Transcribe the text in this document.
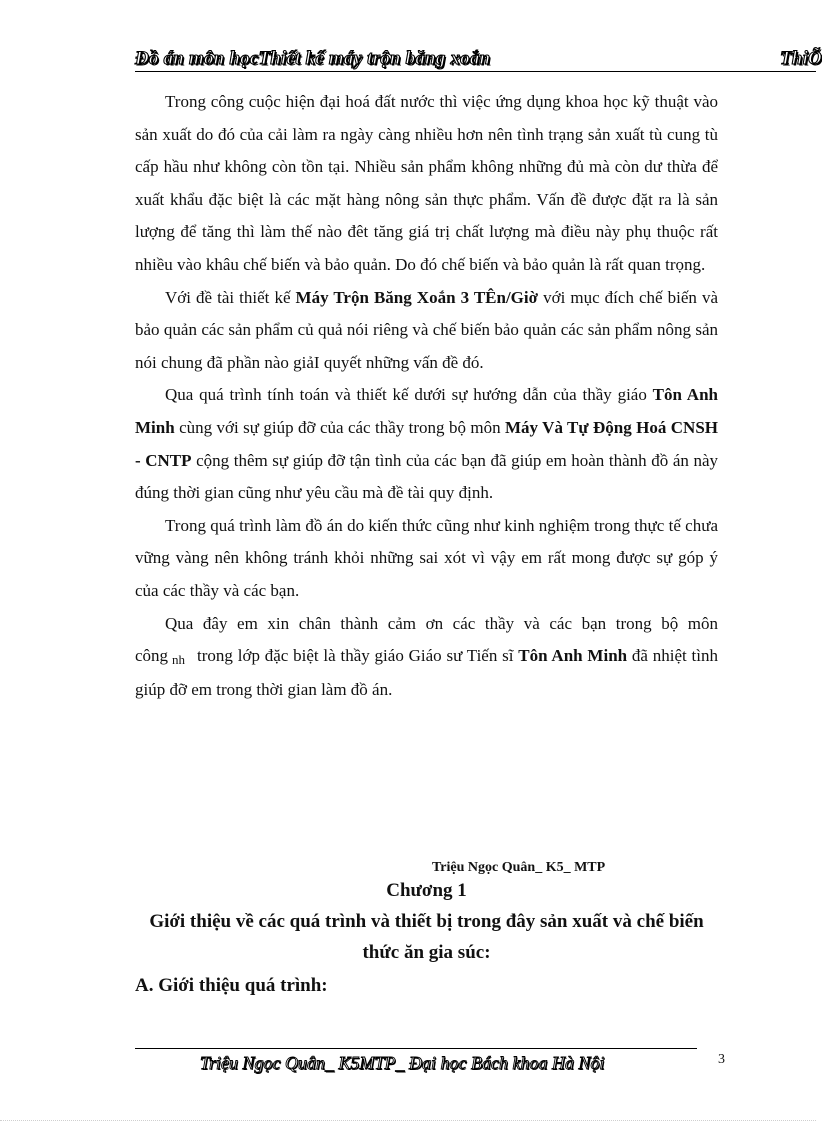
Đồ án môn họcThiết kế máy trộn băng xoắn	ThiÕ

Trong công cuộc hiện đại hoá đất nước thì việc ứng dụng khoa học kỹ thuật vào sản xuất do đó của cải làm ra ngày càng nhiều hơn nên tình trạng sản xuất tù cung tù cấp hầu như không còn tồn tại. Nhiều sản phẩm không những đủ mà còn dư thừa để xuất khẩu đặc biệt là các mặt hàng nông sản thực phẩm. Vấn đề được đặt ra là sản lượng để tăng thì làm thế nào đêt tăng giá trị chất lượng mà điều này phụ thuộc rất nhiều vào khâu chế biến và bảo quản. Do đó chế biến và bảo quản là rất quan trọng.

Với đề tài thiết kế Máy Trộn Băng Xoắn 3 TÊn/Giờ với mục đích chế biến và bảo quản các sản phẩm củ quả nói riêng và chế biến bảo quản các sản phẩm nông sản nói chung đã phần nào giảI quyết những vấn đề đó.

Qua quá trình tính toán và thiết kế dưới sự hướng dẫn của thầy giáo Tôn Anh Minh cùng với sự giúp đỡ của các thầy trong bộ môn Máy Và Tự Động Hoá CNSH - CNTP cộng thêm sự giúp đỡ tận tình của các bạn đã giúp em hoàn thành đồ án này đúng thời gian cũng như yêu cầu mà đề tài quy định.

Trong quá trình làm đồ án do kiến thức cũng như kinh nghiệm trong thực tế chưa vững vàng nên không tránh khỏi những sai xót vì vậy em rất mong được sự góp ý của các thầy và các bạn.

Qua đây em xin chân thành cảm ơn các thầy và các bạn trong bộ môn công nh trong lớp đặc biệt là thầy giáo Giáo sư Tiến sĩ Tôn Anh Minh đã nhiệt tình giúp đỡ em trong thời gian làm đồ án.

Triệu Ngọc Quân_ K5_ MTP
Chương 1
Giới thiệu về các quá trình và thiết bị trong đây sản xuất và chế biến thức ăn gia súc:
A. Giới thiệu quá trình:
Triệu Ngọc Quân_ K5MTP_ Đại học Bách khoa Hà Nội	3
